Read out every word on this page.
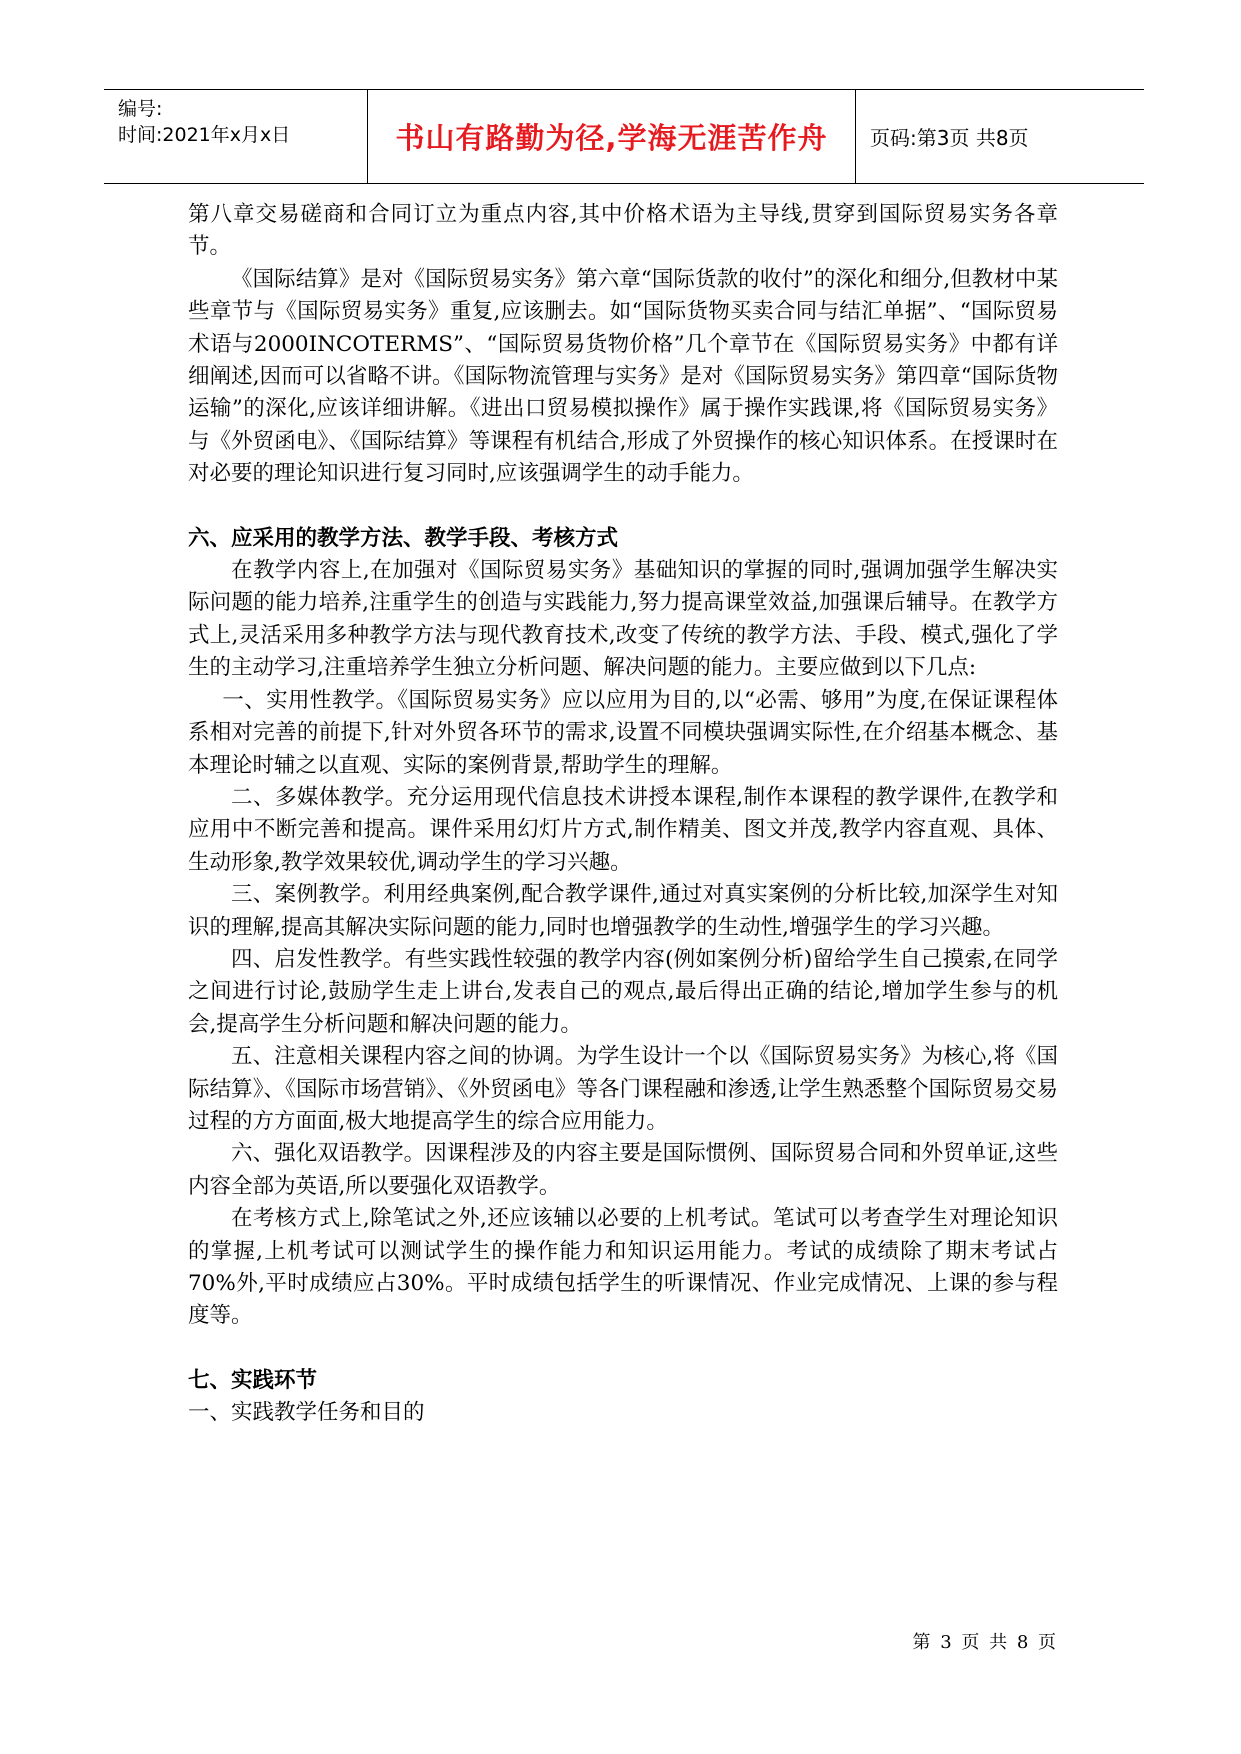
编号:
时间:2021年x月x日	书山有路勤为径,学海无涯苦作舟 页码:第3页 共8页

第八章交易磋商和合同订立为重点内容,其中价格术语为主导线,贯穿到国际贸易实务各章节。

《国际结算》是对《国际贸易实务》第六章“国际货款的收付”的深化和细分,但教材中某些章节与《国际贸易实务》重复,应该删去。如“国际货物买卖合同与结汇单据”、“国际贸易术语与2000INCOTERMS”、“国际贸易货物价格”几个章节在《国际贸易实务》中都有详细阐述,因而可以省略不讲。《国际物流管理与实务》是对《国际贸易实务》第四章“国际货物运输”的深化,应该详细讲解。《进出口贸易模拟操作》属于操作实践课,将《国际贸易实务》与《外贸函电》、《国际结算》等课程有机结合,形成了外贸操作的核心知识体系。在授课时在对必要的理论知识进行复习同时,应该强调学生的动手能力。

六、应采用的教学方法、教学手段、考核方式

在教学内容上,在加强对《国际贸易实务》基础知识的掌握的同时,强调加强学生解决实际问题的能力培养,注重学生的创造与实践能力,努力提高课堂效益,加强课后辅导。在教学方式上,灵活采用多种教学方法与现代教育技术,改变了传统的教学方法、手段、模式,强化了学生的主动学习,注重培养学生独立分析问题、解决问题的能力。主要应做到以下几点:

一、实用性教学。《国际贸易实务》应以应用为目的,以“必需、够用”为度,在保证课程体系相对完善的前提下,针对外贸各环节的需求,设置不同模块强调实际性,在介绍基本概念、基本理论时辅之以直观、实际的案例背景,帮助学生的理解。

二、多媒体教学。充分运用现代信息技术讲授本课程,制作本课程的教学课件,在教学和应用中不断完善和提高。课件采用幻灯片方式,制作精美、图文并茂,教学内容直观、具体、生动形象,教学效果较优,调动学生的学习兴趣。

三、案例教学。利用经典案例,配合教学课件,通过对真实案例的分析比较,加深学生对知识的理解,提高其解决实际问题的能力,同时也增强教学的生动性,增强学生的学习兴趣。

四、启发性教学。有些实践性较强的教学内容(例如案例分析)留给学生自己摸索,在同学之间进行讨论,鼓励学生走上讲台,发表自己的观点,最后得出正确的结论,增加学生参与的机会,提高学生分析问题和解决问题的能力。

五、注意相关课程内容之间的协调。为学生设计一个以《国际贸易实务》为核心,将《国际结算》、《国际市场营销》、《外贸函电》等各门课程融和渗透,让学生熟悉整个国际贸易交易过程的方方面面,极大地提高学生的综合应用能力。

六、强化双语教学。因课程涉及的内容主要是国际惯例、国际贸易合同和外贸单证,这些内容全部为英语,所以要强化双语教学。

在考核方式上,除笔试之外,还应该辅以必要的上机考试。笔试可以考查学生对理论知识的掌握,上机考试可以测试学生的操作能力和知识运用能力。考试的成绩除了期末考试占70%外,平时成绩应占30%。平时成绩包括学生的听课情况、作业完成情况、上课的参与程度等。

七、实践环节

一、实践教学任务和目的

第 3 页 共 8 页
